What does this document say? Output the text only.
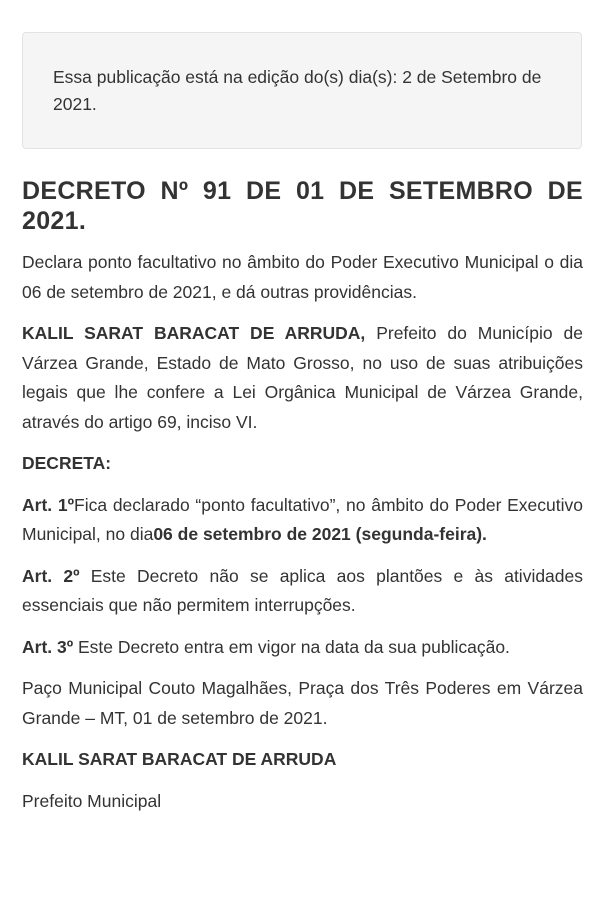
Essa publicação está na edição do(s) dia(s): 2 de Setembro de 2021.
DECRETO Nº 91 DE 01 DE SETEMBRO DE 2021.

Declara ponto facultativo no âmbito do Poder Executivo Municipal o dia 06 de setembro de 2021, e dá outras providências.

KALIL SARAT BARACAT DE ARRUDA, Prefeito do Município de Várzea Grande, Estado de Mato Grosso, no uso de suas atribuições legais que lhe confere a Lei Orgânica Municipal de Várzea Grande, através do artigo 69, inciso VI.

DECRETA:

Art. 1ºFica declarado “ponto facultativo”, no âmbito do Poder Executivo Municipal, no dia06 de setembro de 2021 (segunda-feira).

Art. 2º Este Decreto não se aplica aos plantões e às atividades essenciais que não permitem interrupções.

Art. 3º Este Decreto entra em vigor na data da sua publicação.

Paço Municipal Couto Magalhães, Praça dos Três Poderes em Várzea Grande – MT, 01 de setembro de 2021.

KALIL SARAT BARACAT DE ARRUDA

Prefeito Municipal
